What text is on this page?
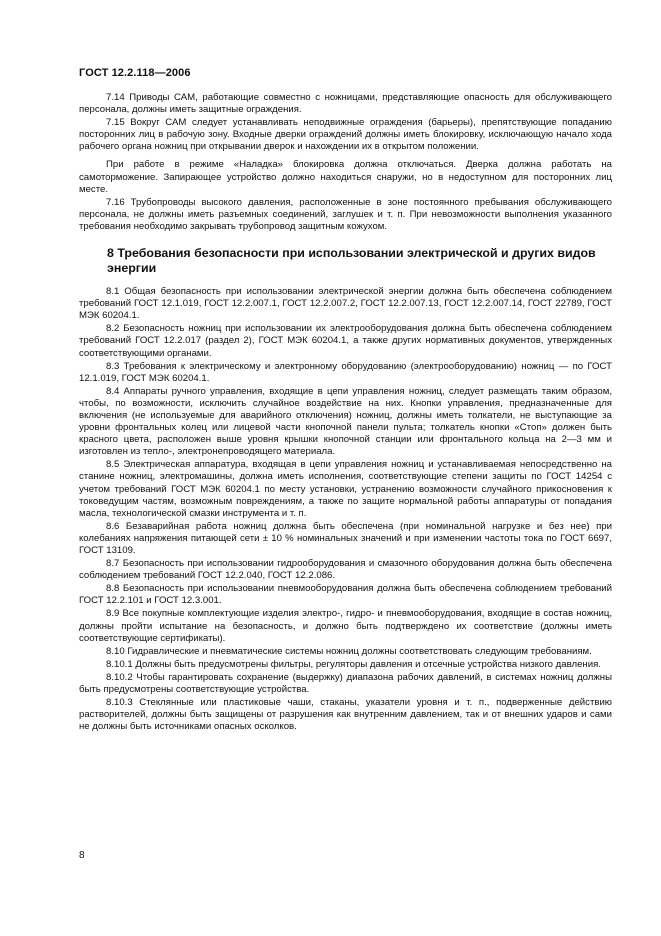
ГОСТ 12.2.118—2006

7.14 Приводы САМ, работающие совместно с ножницами, представляющие опасность для обслуживающего персонала, должны иметь защитные ограждения.

7.15 Вокруг САМ следует устанавливать неподвижные ограждения (барьеры), препятствующие попаданию посторонних лиц в рабочую зону. Входные дверки ограждений должны иметь блокировку, исключающую начало хода рабочего органа ножниц при открывании дверок и нахождении их в открытом положении.

При работе в режиме «Наладка» блокировка должна отключаться. Дверка должна работать на самоторможение. Запирающее устройство должно находиться снаружи, но в недоступном для посторонних лиц месте.

7.16 Трубопроводы высокого давления, расположенные в зоне постоянного пребывания обслуживающего персонала, не должны иметь разъемных соединений, заглушек и т. п. При невозможности выполнения указанного требования необходимо закрывать трубопровод защитным кожухом.

8 Требования безопасности при использовании электрической и других видов энергии

8.1 Общая безопасность при использовании электрической энергии должна быть обеспечена соблюдением требований ГОСТ 12.1.019, ГОСТ 12.2.007.1, ГОСТ 12.2.007.2, ГОСТ 12.2.007.13, ГОСТ 12.2.007.14, ГОСТ 22789, ГОСТ МЭК 60204.1.

8.2 Безопасность ножниц при использовании их электрооборудования должна быть обеспечена соблюдением требований ГОСТ 12.2.017 (раздел 2), ГОСТ МЭК 60204.1, а также других нормативных документов, утвержденных соответствующими органами.

8.3 Требования к электрическому и электронному оборудованию (электрооборудованию) ножниц — по ГОСТ 12.1.019, ГОСТ МЭК 60204.1.

8.4 Аппараты ручного управления, входящие в цепи управления ножниц, следует размещать таким образом, чтобы, по возможности, исключить случайное воздействие на них. Кнопки управления, предназначенные для включения (не используемые для аварийного отключения) ножниц, должны иметь толкатели, не выступающие за уровни фронтальных колец или лицевой части кнопочной панели пульта; толкатель кнопки «Стоп» должен быть красного цвета, расположен выше уровня крышки кнопочной станции или фронтального кольца на 2—3 мм и изготовлен из тепло-, электронепроводящего материала.

8.5 Электрическая аппаратура, входящая в цепи управления ножниц и устанавливаемая непосредственно на станине ножниц, электромашины, должна иметь исполнения, соответствующие степени защиты по ГОСТ 14254 с учетом требований ГОСТ МЭК 60204.1 по месту установки, устранению возможности случайного прикосновения к токоведущим частям, возможным повреждениям, а также по защите нормальной работы аппаратуры от попадания масла, технологической смазки инструмента и т. п.

8.6 Безаварийная работа ножниц должна быть обеспечена (при номинальной нагрузке и без нее) при колебаниях напряжения питающей сети ± 10 % номинальных значений и при изменении частоты тока по ГОСТ 6697, ГОСТ 13109.

8.7 Безопасность при использовании гидрооборудования и смазочного оборудования должна быть обеспечена соблюдением требований ГОСТ 12.2.040, ГОСТ 12.2.086.

8.8 Безопасность при использовании пневмооборудования должна быть обеспечена соблюдением требований ГОСТ 12.2.101 и ГОСТ 12.3.001.

8.9 Все покупные комплектующие изделия электро-, гидро- и пневмооборудования, входящие в состав ножниц, должны пройти испытание на безопасность, и должно быть подтверждено их соответствие (должны иметь соответствующие сертификаты).

8.10 Гидравлические и пневматические системы ножниц должны соответствовать следующим требованиям.

8.10.1 Должны быть предусмотрены фильтры, регуляторы давления и отсечные устройства низкого давления.

8.10.2 Чтобы гарантировать сохранение (выдержку) диапазона рабочих давлений, в системах ножниц должны быть предусмотрены соответствующие устройства.

8.10.3 Стеклянные или пластиковые чаши, стаканы, указатели уровня и т. п., подверженные действию растворителей, должны быть защищены от разрушения как внутренним давлением, так и от внешних ударов и сами не должны быть источниками опасных осколков.

8
